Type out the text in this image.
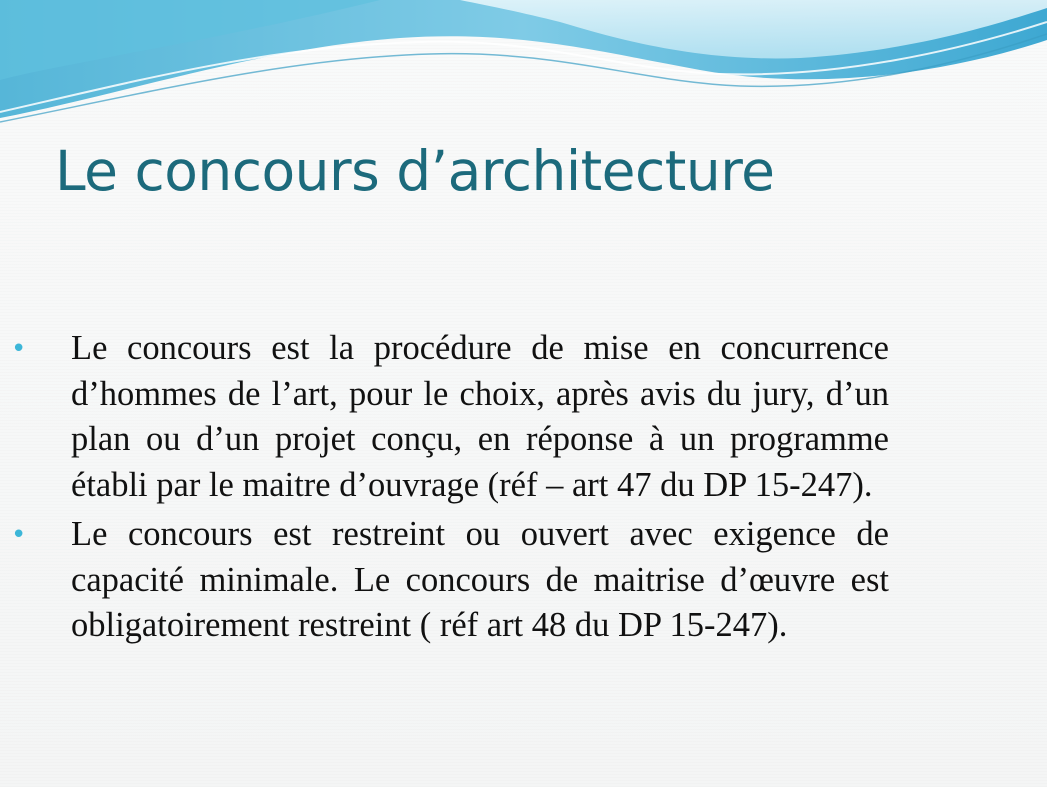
Le concours d’architecture
• Le concours est la procédure de mise en concurrence d’hommes de l’art, pour le choix, après avis du jury, d’un plan ou d’un projet conçu, en réponse à un programme établi par le maitre d’ouvrage (réf – art 47 du DP 15-247).

• Le concours est restreint ou ouvert avec exigence de capacité minimale. Le concours de maitrise d’œuvre est obligatoirement restreint ( réf art 48 du DP 15-247).
